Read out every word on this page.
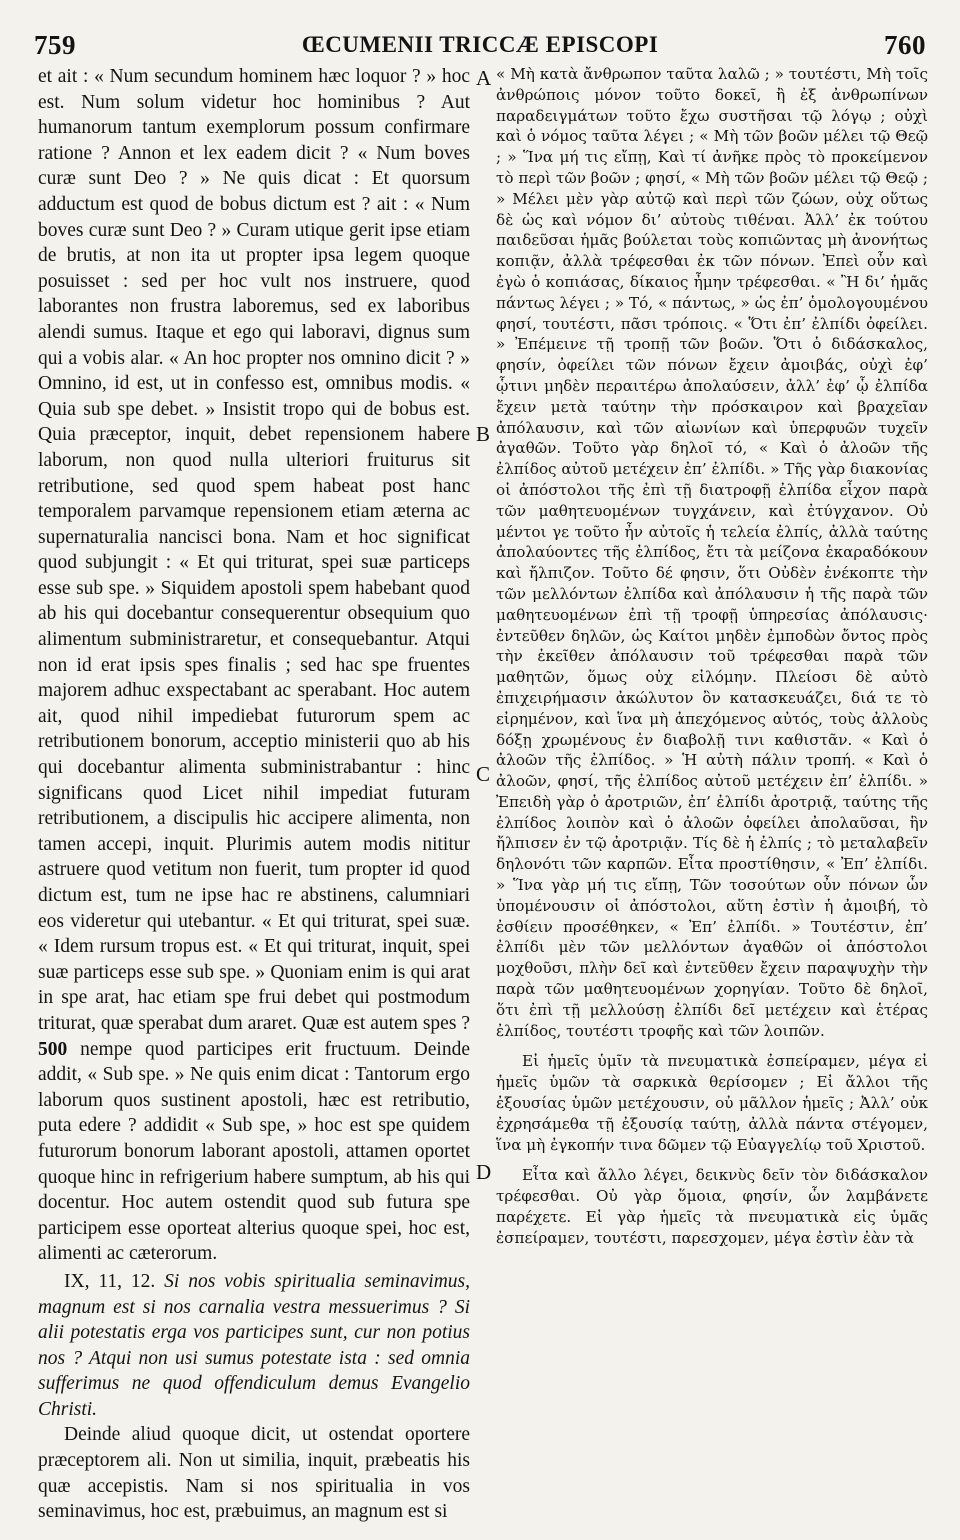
759	ŒCUMENII TRICCÆ EPISCOPI	760

et ait : « Num secundum hominem hæc loquor ? » hoc est. Num solum videtur hoc hominibus ? Aut humanorum tantum exemplorum possum confirmare ratione ? Annon et lex eadem dicit ? « Num boves curæ sunt Deo ? » Ne quis dicat : Et quorsum adductum est quod de bobus dictum est ? ait : « Num boves curæ sunt Deo ? » Curam utique gerit ipse etiam de brutis, at non ita ut propter ipsa legem quoque posuisset : sed per hoc vult nos instruere, quod laborantes non frustra laboremus, sed ex laboribus alendi sumus. Itaque et ego qui laboravi, dignus sum qui a vobis alar. « An hoc propter nos omnino dicit ? » Omnino, id est, ut in confesso est, omnibus modis. « Quia sub spe debet. » Insistit tropo qui de bobus est. Quia præceptor, inquit, debet repensionem habere laborum, non quod nulla ulteriori fruiturus sit retributione, sed quod spem habeat post hanc temporalem parvamque repensionem etiam æterna ac supernaturalia nancisci bona. Nam et hoc significat quod subjungit : « Et qui triturat, spei suæ particeps esse sub spe. » Siquidem apostoli spem habebant quod ab his qui docebantur consequerentur obsequium quo alimentum subministraretur, et consequebantur. Atqui non id erat ipsis spes finalis ; sed hac spe fruentes majorem adhuc exspectabant ac sperabant. Hoc autem ait, quod nihil impediebat futurorum spem ac retributionem bonorum, acceptio ministerii quo ab his qui docebantur alimenta subministrabantur : hinc significans quod Licet nihil impediat futuram retributionem, a discipulis hic accipere alimenta, non tamen accepi, inquit. Plurimis autem modis nititur astruere quod vetitum non fuerit, tum propter id quod dictum est, tum ne ipse hac re abstinens, calumniari eos videretur qui utebantur. « Et qui triturat, spei suæ. « Idem rursum tropus est. « Et qui triturat, inquit, spei suæ particeps esse sub spe. » Quoniam enim is qui arat in spe arat, hac etiam spe frui debet qui postmodum triturat, quæ sperabat dum araret. Quæ est autem spes ? 500 nempe quod participes erit fructuum. Deinde addit, « Sub spe. » Ne quis enim dicat : Tantorum ergo laborum quos sustinent apostoli, hæc est retributio, puta edere ? addidit « Sub spe, » hoc est spe quidem futurorum bonorum laborant apostoli, attamen oportet quoque hinc in refrigerium habere sumptum, ab his qui docentur. Hoc autem ostendit quod sub futura spe participem esse oporteat alterius quoque spei, hoc est, alimenti ac cæterorum.

IX, 11, 12. Si nos vobis spiritualia seminavimus, magnum est si nos carnalia vestra messuerimus ? Si alii potestatis erga vos participes sunt, cur non potius nos ? Atqui non usi sumus potestate ista : sed omnia sufferimus ne quod offendiculum demus Evangelio Christi.

Deinde aliud quoque dicit, ut ostendat oportere præceptorem ali. Non ut similia, inquit, præbeatis his quæ accepistis. Nam si nos spiritualia in vos seminavimus, hoc est, præbuimus, an magnum est si

A
B
C
D

« Μὴ κατὰ ἄνθρωπον ταῦτα λαλῶ ; » τουτέστι, Μὴ τοῖς ἀνθρώποις μόνον τοῦτο δοκεῖ, ἢ ἐξ ἀνθρωπίνων παραδειγμάτων τοῦτο ἔχω συστῆσαι τῷ λόγῳ ; οὐχὶ καὶ ὁ νόμος ταῦτα λέγει ; « Μὴ τῶν βοῶν μέλει τῷ Θεῷ ; » Ἵνα μή τις εἴπῃ, Καὶ τί ἀνῆκε πρὸς τὸ προκείμενον τὸ περὶ τῶν βοῶν ; φησί, « Μὴ τῶν βοῶν μέλει τῷ Θεῷ ; » Μέλει μὲν γὰρ αὐτῷ καὶ περὶ τῶν ζώων, οὐχ οὕτως δὲ ὡς καὶ νόμον δι’ αὐτοὺς τιθέναι. Ἀλλ’ ἐκ τούτου παιδεῦσαι ἡμᾶς βούλεται τοὺς κοπιῶντας μὴ ἀνονήτως κοπιᾷν, ἀλλὰ τρέφεσθαι ἐκ τῶν πόνων. Ἐπεὶ οὖν καὶ ἐγὼ ὁ κοπιάσας, δίκαιος ἦμην τρέφεσθαι. « Ἢ δι’ ἡμᾶς πάντως λέγει ; » Τό, « πάντως, » ὡς ἐπ’ ὁμολογουμένου φησί, τουτέστι, πᾶσι τρόποις. « Ὅτι ἐπ’ ἐλπίδι ὀφείλει. » Ἐπέμεινε τῇ τροπῇ τῶν βοῶν. Ὅτι ὁ διδάσκαλος, φησίν, ὀφείλει τῶν πόνων ἔχειν ἀμοιβάς, οὐχὶ ἐφ’ ᾧτινι μηδὲν περαιτέρω ἀπολαύσειν, ἀλλ’ ἐφ’ ᾧ ἐλπίδα ἔχειν μετὰ ταύτην τὴν πρόσκαιρον καὶ βραχεῖαν ἀπόλαυσιν, καὶ τῶν αἰωνίων καὶ ὑπερφυῶν τυχεῖν ἀγαθῶν. Τοῦτο γὰρ δηλοῖ τό, « Καὶ ὁ ἀλοῶν τῆς ἐλπίδος αὐτοῦ μετέχειν ἐπ’ ἐλπίδι. » Τῆς γὰρ διακονίας οἱ ἀπόστολοι τῆς ἐπὶ τῇ διατροφῇ ἐλπίδα εἶχον παρὰ τῶν μαθητευομένων τυγχάνειν, καὶ ἐτύγχανον. Οὐ μέντοι γε τοῦτο ἦν αὐτοῖς ἡ τελεία ἐλπίς, ἀλλὰ ταύτης ἀπολαύοντες τῆς ἐλπίδος, ἔτι τὰ μείζονα ἐκαραδόκουν καὶ ἤλπιζον. Τοῦτο δέ φησιν, ὅτι Οὐδὲν ἐνέκοπτε τὴν τῶν μελλόντων ἐλπίδα καὶ ἀπόλαυσιν ἡ τῆς παρὰ τῶν μαθητευομένων ἐπὶ τῇ τροφῇ ὑπηρεσίας ἀπόλαυσις· ἐντεῦθεν δηλῶν, ὡς Καίτοι μηδὲν ἐμποδὼν ὄντος πρὸς τὴν ἐκεῖθεν ἀπόλαυσιν τοῦ τρέφεσθαι παρὰ τῶν μαθητῶν, ὅμως οὐχ εἰλόμην. Πλείοσι δὲ αὐτὸ ἐπιχειρήμασιν ἀκώλυτον ὂν κατασκευάζει, διά τε τὸ εἰρημένον, καὶ ἵνα μὴ ἀπεχόμενος αὐτός, τοὺς ἀλλοὺς δόξῃ χρωμένους ἐν διαβολῇ τινι καθιστᾶν. « Καὶ ὁ ἀλοῶν τῆς ἐλπίδος. » Ἡ αὐτὴ πάλιν τροπή. « Καὶ ὁ ἀλοῶν, φησί, τῆς ἐλπίδος αὐτοῦ μετέχειν ἐπ’ ἐλπίδι. » Ἐπειδὴ γὰρ ὁ ἀροτριῶν, ἐπ’ ἐλπίδι ἀροτριᾷ, ταύτης τῆς ἐλπίδος λοιπὸν καὶ ὁ ἀλοῶν ὀφείλει ἀπολαῦσαι, ἣν ἤλπισεν ἐν τῷ ἀροτριᾷν. Τίς δὲ ἡ ἐλπίς ; τὸ μεταλαβεῖν δηλονότι τῶν καρπῶν. Εἶτα προστίθησιν, « Ἐπ’ ἐλπίδι. » Ἵνα γὰρ μή τις εἴπῃ, Τῶν τοσούτων οὖν πόνων ὧν ὑπομένουσιν οἱ ἀπόστολοι, αὕτη ἐστὶν ἡ ἀμοιβή, τὸ ἐσθίειν προσέθηκεν, « Ἐπ’ ἐλπίδι. » Τουτέστιν, ἐπ’ ἐλπίδι μὲν τῶν μελλόντων ἀγαθῶν οἱ ἀπόστολοι μοχθοῦσι, πλὴν δεῖ καὶ ἐντεῦθεν ἔχειν παραψυχὴν τὴν παρὰ τῶν μαθητευομένων χορηγίαν. Τοῦτο δὲ δηλοῖ, ὅτι ἐπὶ τῇ μελλούσῃ ἐλπίδι δεῖ μετέχειν καὶ ἑτέρας ἐλπίδος, τουτέστι τροφῆς καὶ τῶν λοιπῶν.

Εἰ ἡμεῖς ὑμῖν τὰ πνευματικὰ ἐσπείραμεν, μέγα εἰ ἡμεῖς ὑμῶν τὰ σαρκικὰ θερίσομεν ; Εἰ ἄλλοι τῆς ἐξουσίας ὑμῶν μετέχουσιν, οὐ μᾶλλον ἡμεῖς ; Ἀλλ’ οὐκ ἐχρησάμεθα τῇ ἐξουσίᾳ ταύτῃ, ἀλλὰ πάντα στέγομεν, ἵνα μὴ ἐγκοπήν τινα δῶμεν τῷ Εὐαγγελίῳ τοῦ Χριστοῦ.

Εἶτα καὶ ἄλλο λέγει, δεικνὺς δεῖν τὸν διδάσκαλον τρέφεσθαι. Οὐ γὰρ ὅμοια, φησίν, ὧν λαμβάνετε παρέχετε. Εἰ γὰρ ἡμεῖς τὰ πνευματικὰ εἰς ὑμᾶς ἐσπείραμεν, τουτέστι, παρεσχομεν, μέγα ἐστὶν ἐὰν τὰ
